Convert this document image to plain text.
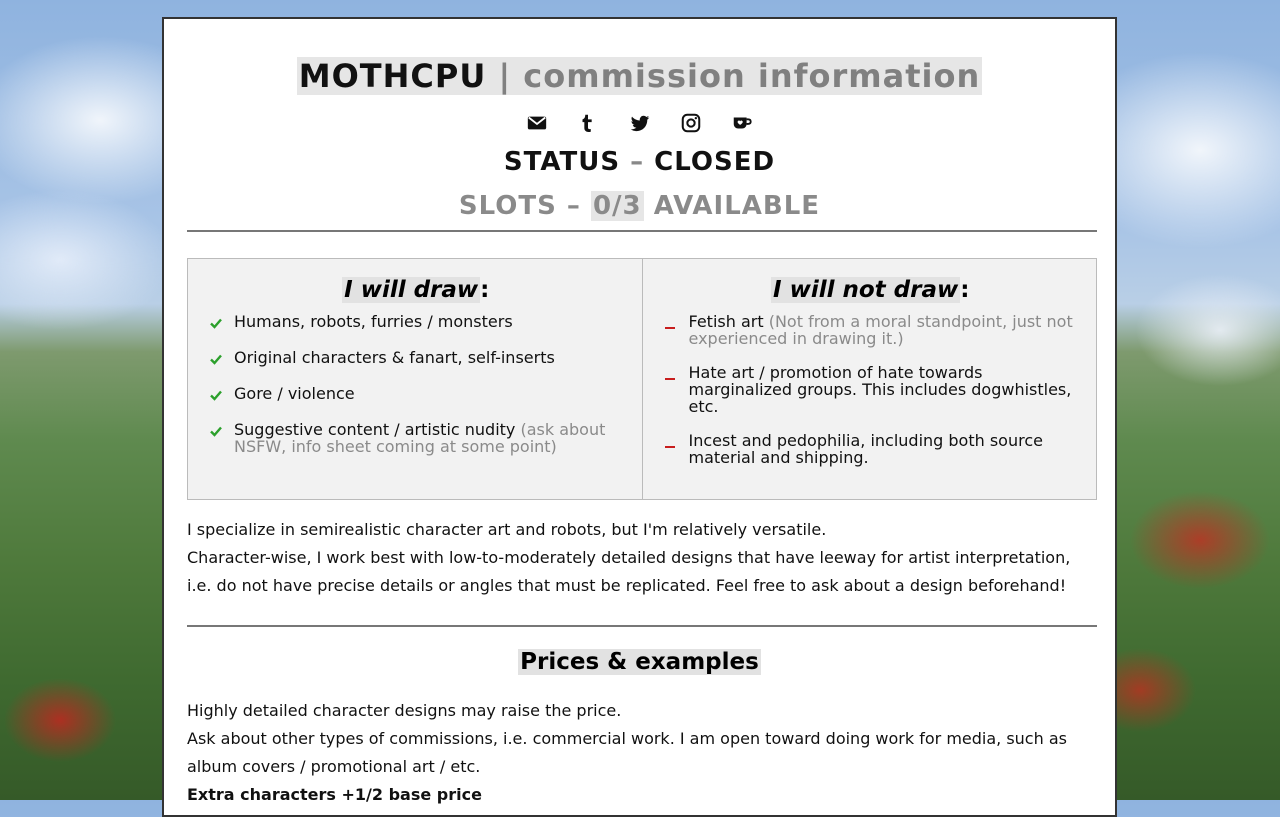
MOTHCPU | commission information

STATUS – CLOSED
SLOTS – 0/3 AVAILABLE
I will draw:
Humans, robots, furries / monsters
Original characters & fanart, self-inserts
Gore / violence
Suggestive content / artistic nudity (ask about NSFW, info sheet coming at some point)
I will not draw:
Fetish art (Not from a moral standpoint, just not experienced in drawing it.)
Hate art / promotion of hate towards marginalized groups. This includes dogwhistles, etc.
Incest and pedophilia, including both source material and shipping.
I specialize in semirealistic character art and robots, but I'm relatively versatile.
Character-wise, I work best with low-to-moderately detailed designs that have leeway for artist interpretation, i.e. do not have precise details or angles that must be replicated. Feel free to ask about a design beforehand!
Prices & examples
Highly detailed character designs may raise the price.
Ask about other types of commissions, i.e. commercial work. I am open toward doing work for media, such as album covers / promotional art / etc.
Extra characters +1/2 base price
